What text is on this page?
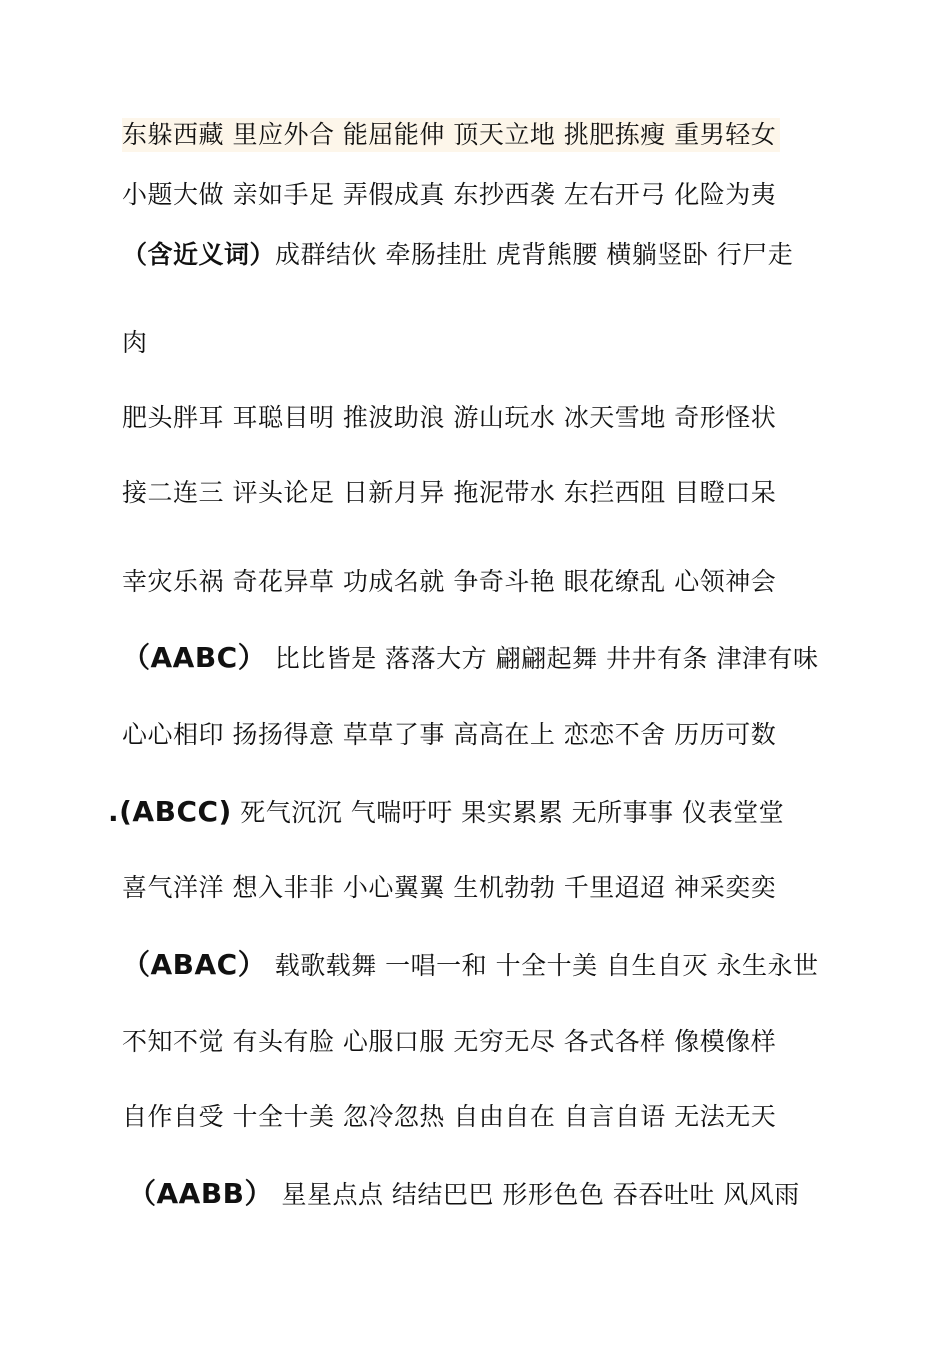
东躲西藏 里应外合 能屈能伸 顶天立地 挑肥拣瘦 重男轻女
小题大做 亲如手足 弄假成真 东抄西袭 左右开弓 化险为夷
（含近义词）成群结伙 牵肠挂肚 虎背熊腰 横躺竖卧 行尸走
肉
肥头胖耳 耳聪目明 推波助浪 游山玩水 冰天雪地 奇形怪状
接二连三 评头论足 日新月异 拖泥带水 东拦西阻 目瞪口呆
幸灾乐祸 奇花异草 功成名就 争奇斗艳 眼花缭乱 心领神会
（AABC） 比比皆是 落落大方 翩翩起舞 井井有条 津津有味
心心相印 扬扬得意 草草了事 高高在上 恋恋不舍 历历可数
.(ABCC) 死气沉沉 气喘吁吁 果实累累 无所事事 仪表堂堂
喜气洋洋 想入非非 小心翼翼 生机勃勃 千里迢迢 神采奕奕
（ABAC） 载歌载舞 一唱一和 十全十美 自生自灭 永生永世
不知不觉 有头有脸 心服口服 无穷无尽 各式各样 像模像样
自作自受 十全十美 忽冷忽热 自由自在 自言自语 无法无天
（AABB） 星星点点 结结巴巴 形形色色 吞吞吐吐 风风雨
